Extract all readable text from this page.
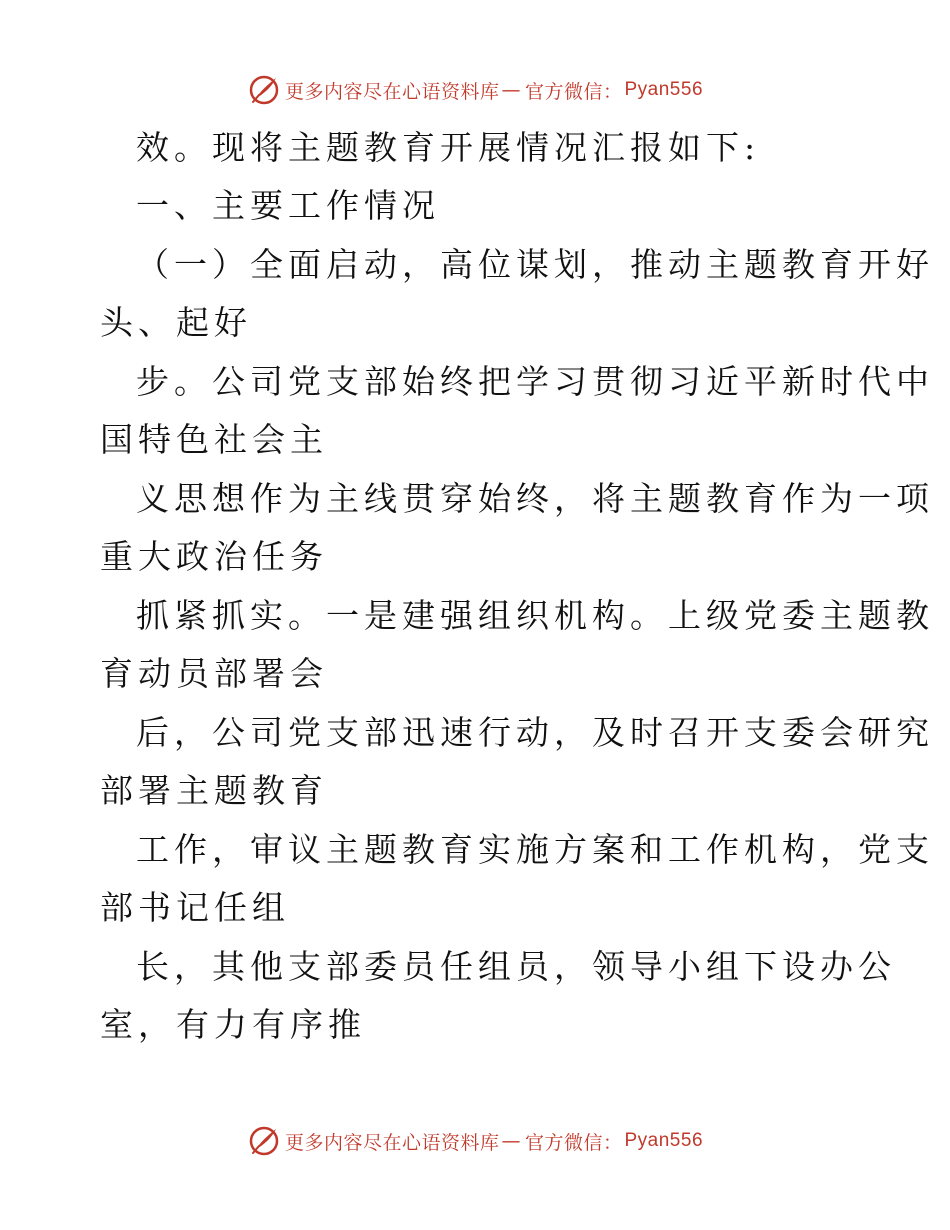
更多内容尽在心语资料库 — 官方微信： Pyan556
效。现将主题教育开展情况汇报如下:
一、主要工作情况
（一）全面启动，高位谋划，推动主题教育开好
头、起好
步。公司党支部始终把学习贯彻习近平新时代中
国特色社会主
义思想作为主线贯穿始终，将主题教育作为一项
重大政治任务
抓紧抓实。一是建强组织机构。上级党委主题教
育动员部署会
后，公司党支部迅速行动，及时召开支委会研究
部署主题教育
工作，审议主题教育实施方案和工作机构，党支
部书记任组
长，其他支部委员任组员，领导小组下设办公
室，有力有序推
更多内容尽在心语资料库 — 官方微信： Pyan556
